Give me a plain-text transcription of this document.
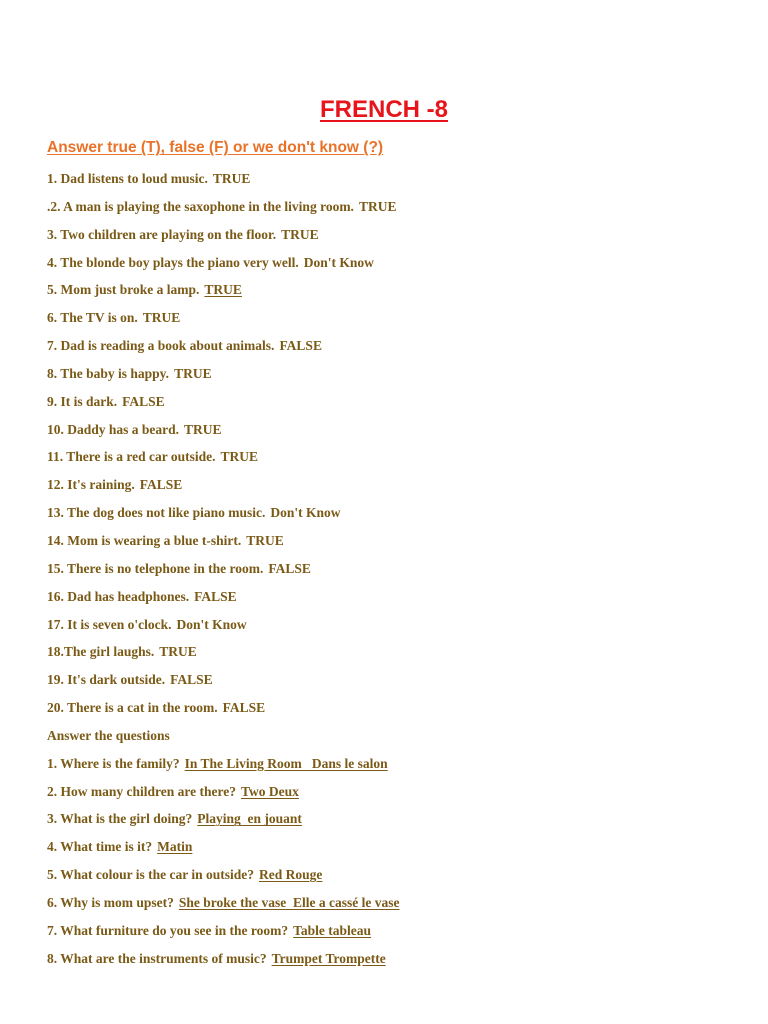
FRENCH -8
Answer true (T), false (F) or we don't know (?)
1. Dad listens to loud music. TRUE
.2. A man is playing the saxophone in the living room. TRUE
3. Two children are playing on the floor. TRUE
4. The blonde boy plays the piano very well. Don't Know
5. Mom just broke a lamp. TRUE
6. The TV is on. TRUE
7. Dad is reading a book about animals. FALSE
8. The baby is happy. TRUE
9. It is dark. FALSE
10. Daddy has a beard. TRUE
11. There is a red car outside. TRUE
12. It's raining. FALSE
13. The dog does not like piano music. Don't Know
14. Mom is wearing a blue t-shirt. TRUE
15. There is no telephone in the room. FALSE
16. Dad has headphones. FALSE
17. It is seven o'clock. Don't Know
18.The girl laughs. TRUE
19. It's dark outside. FALSE
20. There is a cat in the room. FALSE
Answer the questions
1. Where is the family? In The Living Room   Dans le salon
2. How many children are there? Two Deux
3. What is the girl doing? Playing  en jouant
4. What time is it? Matin
5. What colour is the car in outside? Red Rouge
6. Why is mom upset? She broke the vase  Elle a cassé le vase
7. What furniture do you see in the room? Table tableau
8. What are the instruments of music? Trumpet Trompette
